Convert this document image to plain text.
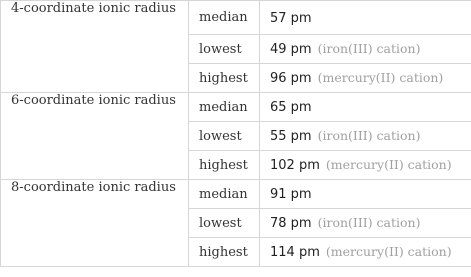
4-coordinate ionic radius	median	57 pm
	lowest	49 pm (iron(III) cation)
	highest	96 pm (mercury(II) cation)
6-coordinate ionic radius	median	65 pm
	lowest	55 pm (iron(III) cation)
	highest	102 pm (mercury(II) cation)
8-coordinate ionic radius	median	91 pm
	lowest	78 pm (iron(III) cation)
	highest	114 pm (mercury(II) cation)
